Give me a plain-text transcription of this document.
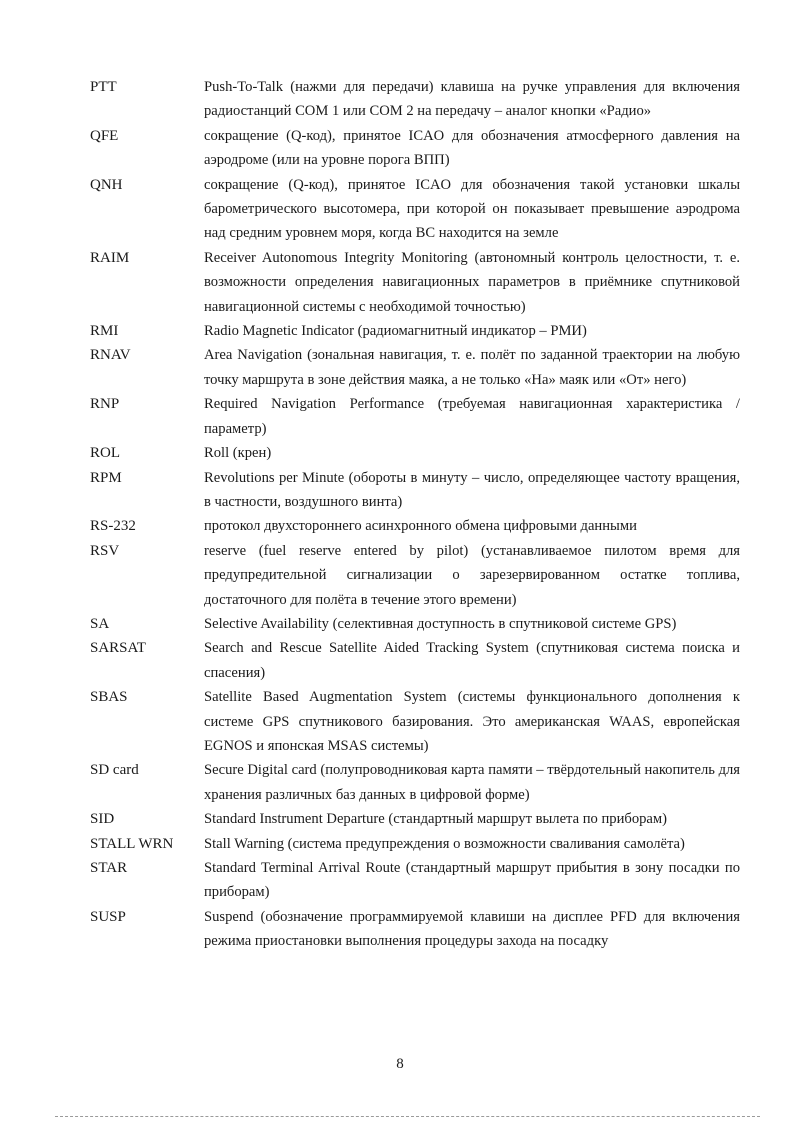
PTT	Push-To-Talk (нажми для передачи) клавиша на ручке управления для включения радиостанций COM 1 или COM 2 на передачу – аналог кнопки «Радио»
QFE	сокращение (Q-код), принятое ICAO для обозначения атмосферного давления на аэродроме (или на уровне порога ВПП)
QNH	сокращение (Q-код), принятое ICAO для обозначения такой установки шкалы барометрического высотомера, при которой он показывает превышение аэродрома над средним уровнем моря, когда ВС находится на земле
RAIM	Receiver Autonomous Integrity Monitoring (автономный контроль целостности, т. е. возможности определения навигационных параметров в приёмнике спутниковой навигационной системы с необходимой точностью)
RMI	Radio Magnetic Indicator (радиомагнитный индикатор – РМИ)
RNAV	Area Navigation (зональная навигация, т. е. полёт по заданной траектории на любую точку маршрута в зоне действия маяка, а не только «На» маяк или «От» него)
RNP	Required Navigation Performance (требуемая навигационная характеристика / параметр)
ROL	Roll (крен)
RPM	Revolutions per Minute (обороты в минуту – число, определяющее частоту вращения, в частности, воздушного винта)
RS-232	протокол двухстороннего асинхронного обмена цифровыми данными
RSV	reserve (fuel reserve entered by pilot) (устанавливаемое пилотом время для предупредительной сигнализации о зарезервированном остатке топлива, достаточного для полёта в течение этого времени)
SA	Selective Availability (селективная доступность в спутниковой системе GPS)
SARSAT	Search and Rescue Satellite Aided Tracking System (спутниковая система поиска и спасения)
SBAS	Satellite Based Augmentation System (системы функционального дополнения к системе GPS спутникового базирования. Это американская WAAS, европейская EGNOS и японская MSAS системы)
SD card	Secure Digital card (полупроводниковая карта памяти – твёрдотельный накопитель для хранения различных баз данных в цифровой форме)
SID	Standard Instrument Departure (стандартный маршрут вылета по приборам)
STALL WRN	Stall Warning (система предупреждения о возможности сваливания самолёта)
STAR	Standard Terminal Arrival Route (стандартный маршрут прибытия в зону посадки по приборам)
SUSP	Suspend (обозначение программируемой клавиши на дисплее PFD для включения режима приостановки выполнения процедуры захода на посадку
8
